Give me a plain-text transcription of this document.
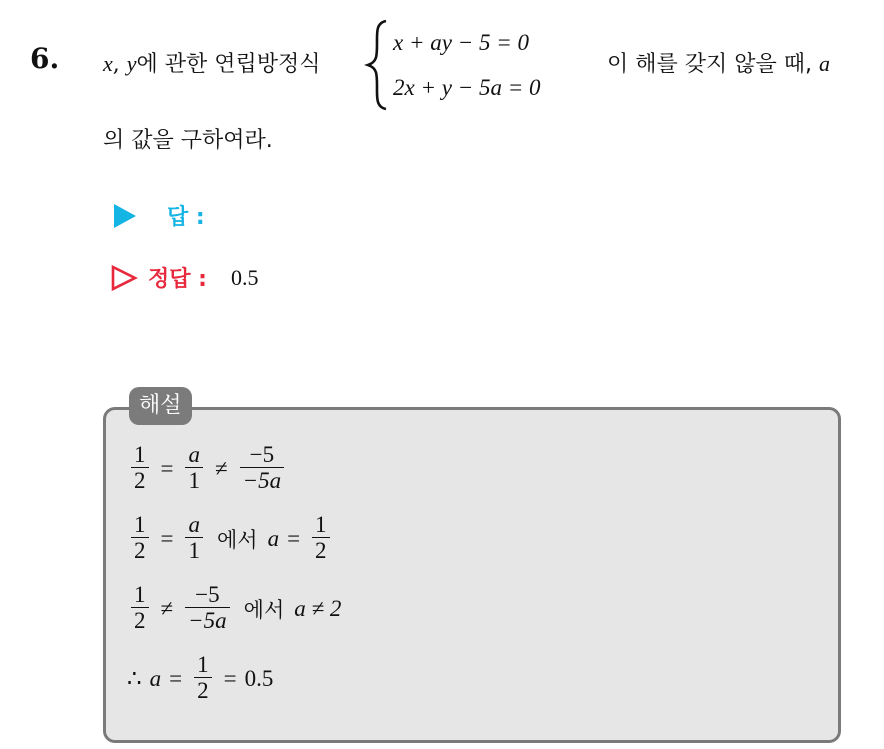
6. x, y에 관한 연립방정식
x + ay − 5 = 0
2x + y − 5a = 0
이 해를 갖지 않을 때, a
의 값을 구하여라.
답 :
정답 : 0.5
해설
$\frac{1}{2} = \frac{a}{1} \ne \frac{-5}{-5a}$
$\frac{1}{2} = \frac{a}{1}$ 에서 $a = \frac{1}{2}$
$\frac{1}{2} \ne \frac{-5}{-5a}$ 에서 a ≠ 2
∴ $a = \frac{1}{2} = 0.5$
